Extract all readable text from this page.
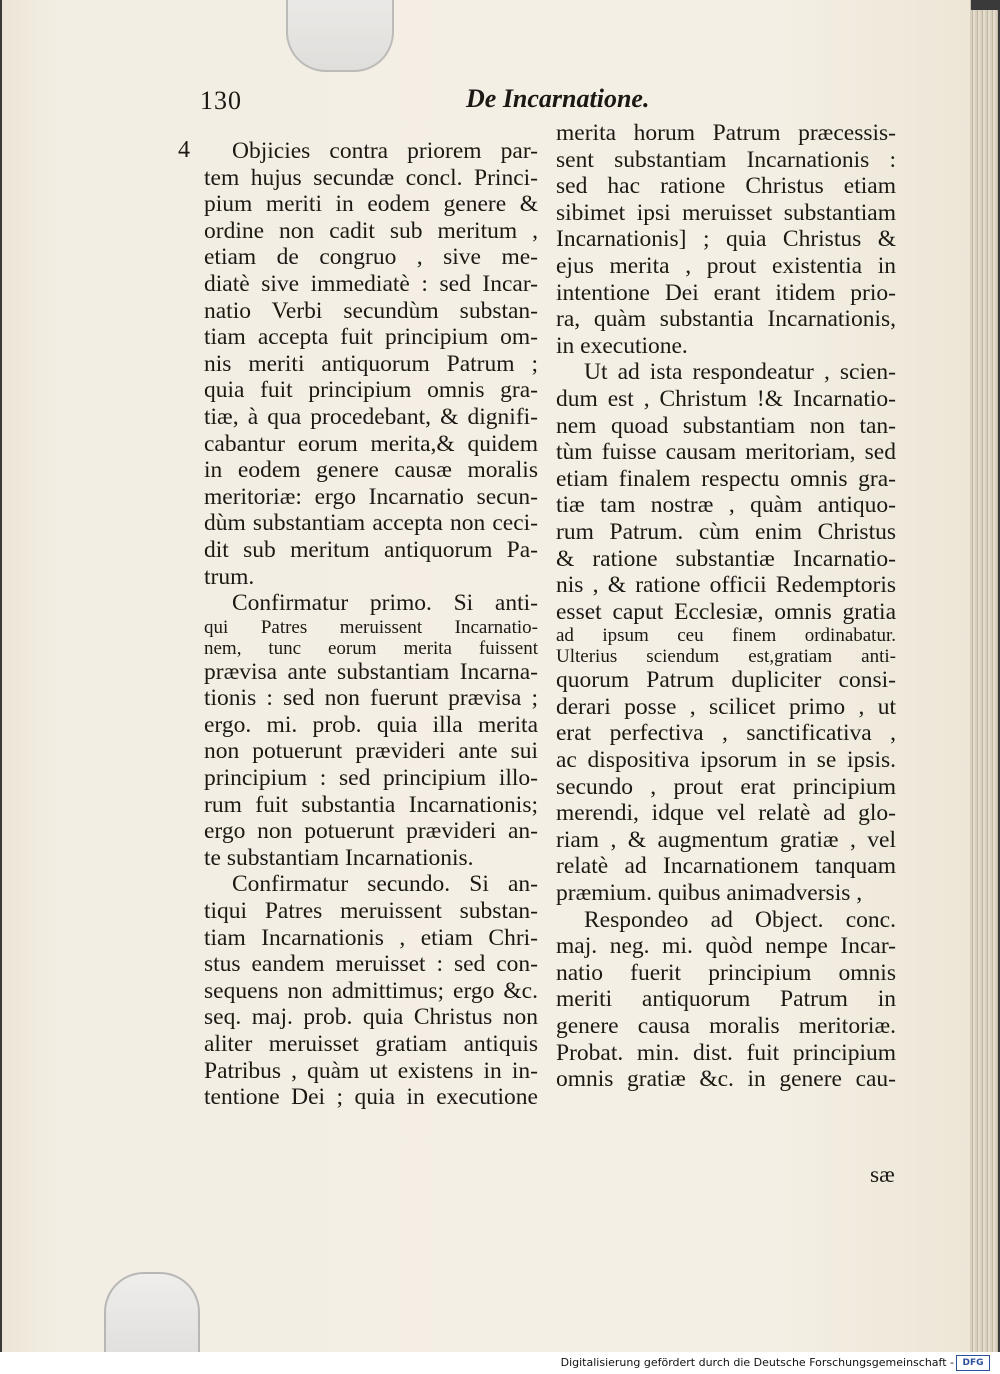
130	De Incarnatione.
4	Objicies contra priorem par-
tem hujus secundæ concl. Princi-
pium meriti in eodem genere &
ordine non cadit sub meritum ,
etiam de congruo , sive me-
diatè sive immediatè : sed Incar-
natio Verbi secundùm substan-
tiam accepta fuit principium om-
nis meriti antiquorum Patrum ;
quia fuit principium omnis gra-
tiæ, à qua procedebant, & dignifi-
cabantur eorum merita,& quidem
in eodem genere causæ moralis
meritoriæ: ergo Incarnatio secun-
dùm substantiam accepta non ceci-
dit sub meritum antiquorum Pa-
trum.
Confirmatur primo. Si anti-
qui Patres meruissent Incarnatio-
nem, tunc eorum merita fuissent
prævisa ante substantiam Incarna-
tionis : sed non fuerunt prævisa ;
ergo. mi. prob. quia illa merita
non potuerunt prævideri ante sui
principium : sed principium illo-
rum fuit substantia Incarnationis;
ergo non potuerunt prævideri an-
te substantiam Incarnationis.
Confirmatur secundo. Si an-
tiqui Patres meruissent substan-
tiam Incarnationis , etiam Chri-
stus eandem meruisset : sed con-
sequens non admittimus; ergo &c.
seq. maj. prob. quia Christus non
aliter meruisset gratiam antiquis
Patribus , quàm ut existens in in-
tentione Dei ; quia in executione
merita horum Patrum præcessis-
sent substantiam Incarnationis :
sed hac ratione Christus etiam
sibimet ipsi meruisset substantiam
Incarnationis] ; quia Christus &
ejus merita , prout existentia in
intentione Dei erant itidem prio-
ra, quàm substantia Incarnationis,
in executione.
Ut ad ista respondeatur , scien-
dum est , Christum !& Incarnatio-
nem quoad substantiam non tan-
tùm fuisse causam meritoriam, sed
etiam finalem respectu omnis gra-
tiæ tam nostræ , quàm antiquo-
rum Patrum. cùm enim Christus
& ratione substantiæ Incarnatio-
nis , & ratione officii Redemptoris
esset caput Ecclesiæ, omnis gratia
ad ipsum ceu finem ordinabatur.
Ulterius sciendum est,gratiam anti-
quorum Patrum dupliciter consi-
derari posse , scilicet primo , ut
erat perfectiva , sanctificativa ,
ac dispositiva ipsorum in se ipsis.
secundo , prout erat principium
merendi, idque vel relatè ad glo-
riam , & augmentum gratiæ , vel
relatè ad Incarnationem tanquam
præmium. quibus animadversis ,
Respondeo ad Object. conc.
maj. neg. mi. quòd nempe Incar-
natio fuerit principium omnis
meriti antiquorum Patrum in
genere causa moralis meritoriæ.
Probat. min. dist. fuit principium
omnis gratiæ &c. in genere cau-
sæ
Digitalisierung gefördert durch die Deutsche Forschungsgemeinschaft - DFG
